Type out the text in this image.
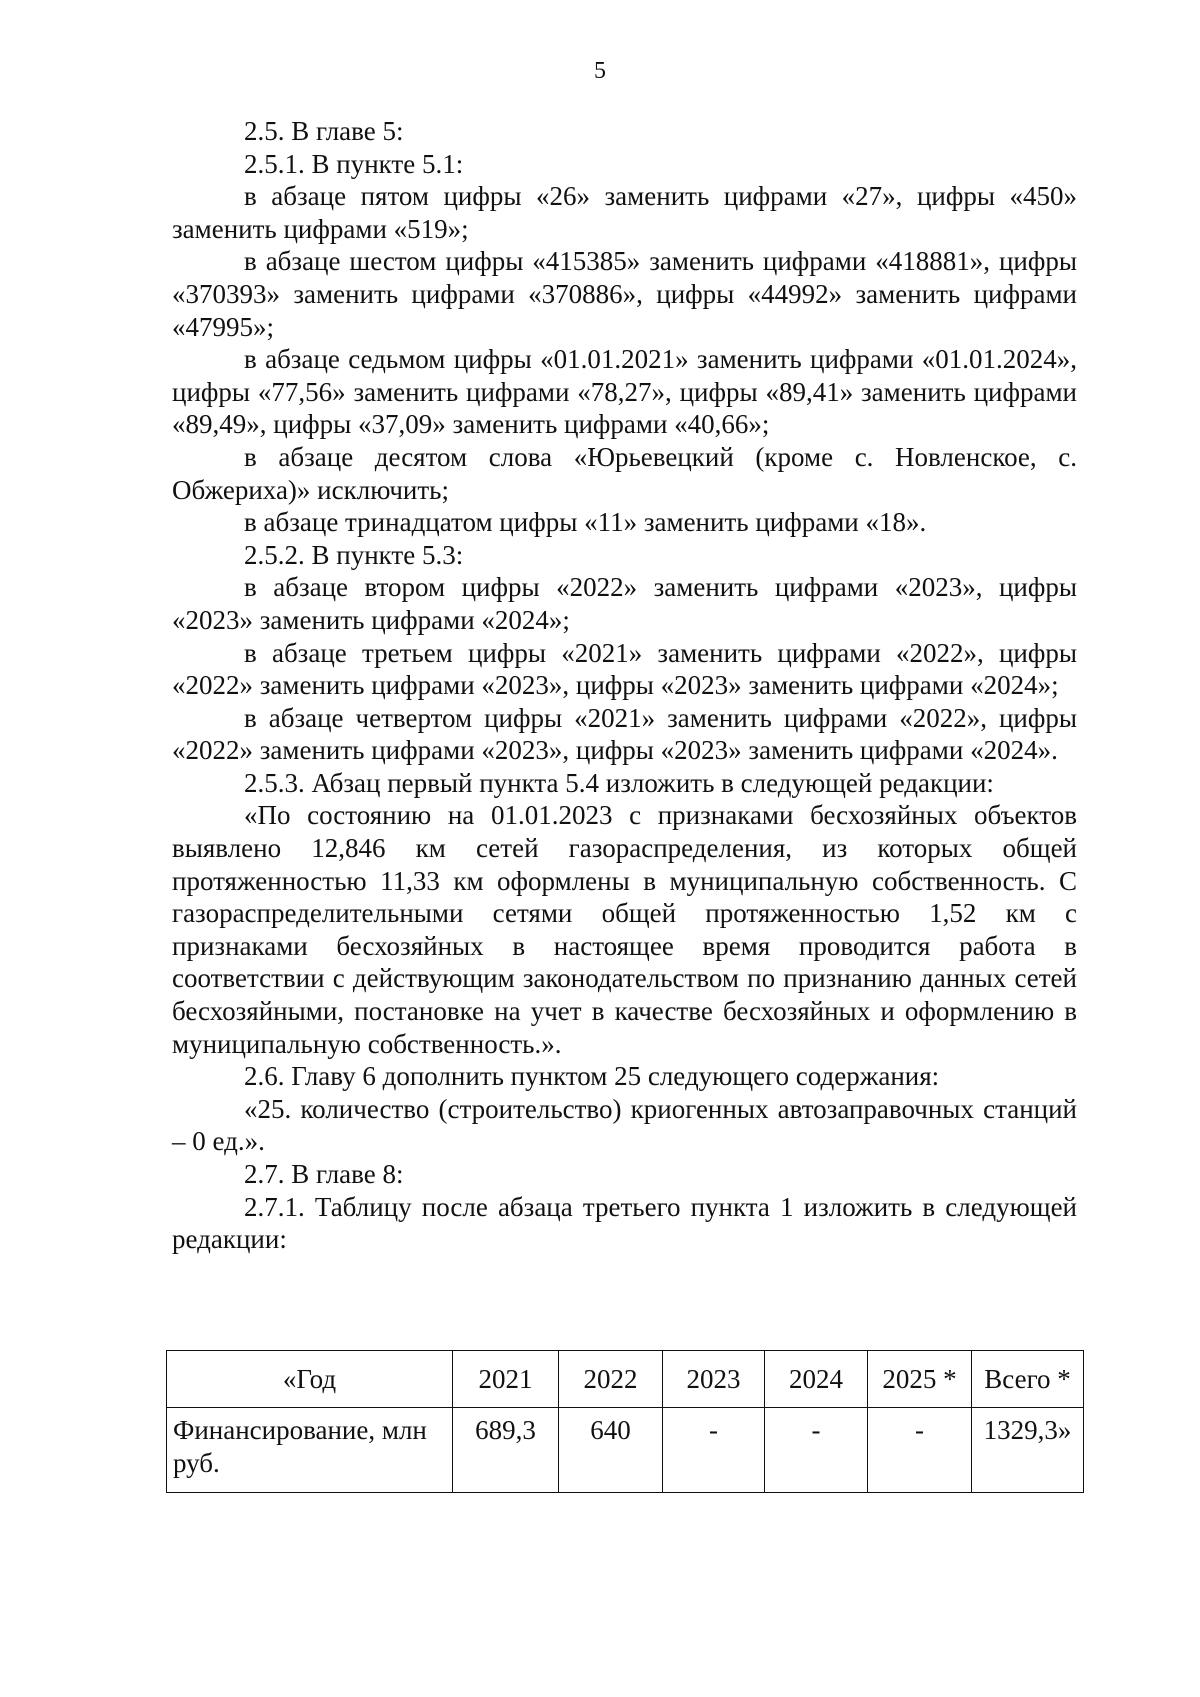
5

2.5. В главе 5:

2.5.1. В пункте 5.1:

в абзаце пятом цифры «26» заменить цифрами «27», цифры «450» заменить цифрами «519»;

в абзаце шестом цифры «415385» заменить цифрами «418881», цифры «370393» заменить цифрами «370886», цифры «44992» заменить цифрами «47995»;

в абзаце седьмом цифры «01.01.2021» заменить цифрами «01.01.2024», цифры «77,56» заменить цифрами «78,27», цифры «89,41» заменить цифрами «89,49», цифры «37,09» заменить цифрами «40,66»;

в абзаце десятом слова «Юрьевецкий (кроме с. Новленское, с. Обжериха)» исключить;

в абзаце тринадцатом цифры «11» заменить цифрами «18».

2.5.2. В пункте 5.3:

в абзаце втором цифры «2022» заменить цифрами «2023», цифры «2023» заменить цифрами «2024»;

в абзаце третьем цифры «2021» заменить цифрами «2022», цифры «2022» заменить цифрами «2023», цифры «2023» заменить цифрами «2024»;

в абзаце четвертом цифры «2021» заменить цифрами «2022», цифры «2022» заменить цифрами «2023», цифры «2023» заменить цифрами «2024».

2.5.3. Абзац первый пункта 5.4 изложить в следующей редакции:

«По состоянию на 01.01.2023 с признаками бесхозяйных объектов выявлено 12,846 км сетей газораспределения, из которых общей протяженностью 11,33 км оформлены в муниципальную собственность. С газораспределительными сетями общей протяженностью 1,52 км с признаками бесхозяйных в настоящее время проводится работа в соответствии с действующим законодательством по признанию данных сетей бесхозяйными, постановке на учет в качестве бесхозяйных и оформлению в муниципальную собственность.».

2.6. Главу 6 дополнить пунктом 25 следующего содержания:

«25. количество (строительство) криогенных автозаправочных станций – 0 ед.».

2.7. В главе 8:

2.7.1. Таблицу после абзаца третьего пункта 1 изложить в следующей редакции:

«Год	2021	2022	2023	2024	2025 *	Всего *
Финансирование, млн руб.	689,3	640	-	-	-	1329,3»
